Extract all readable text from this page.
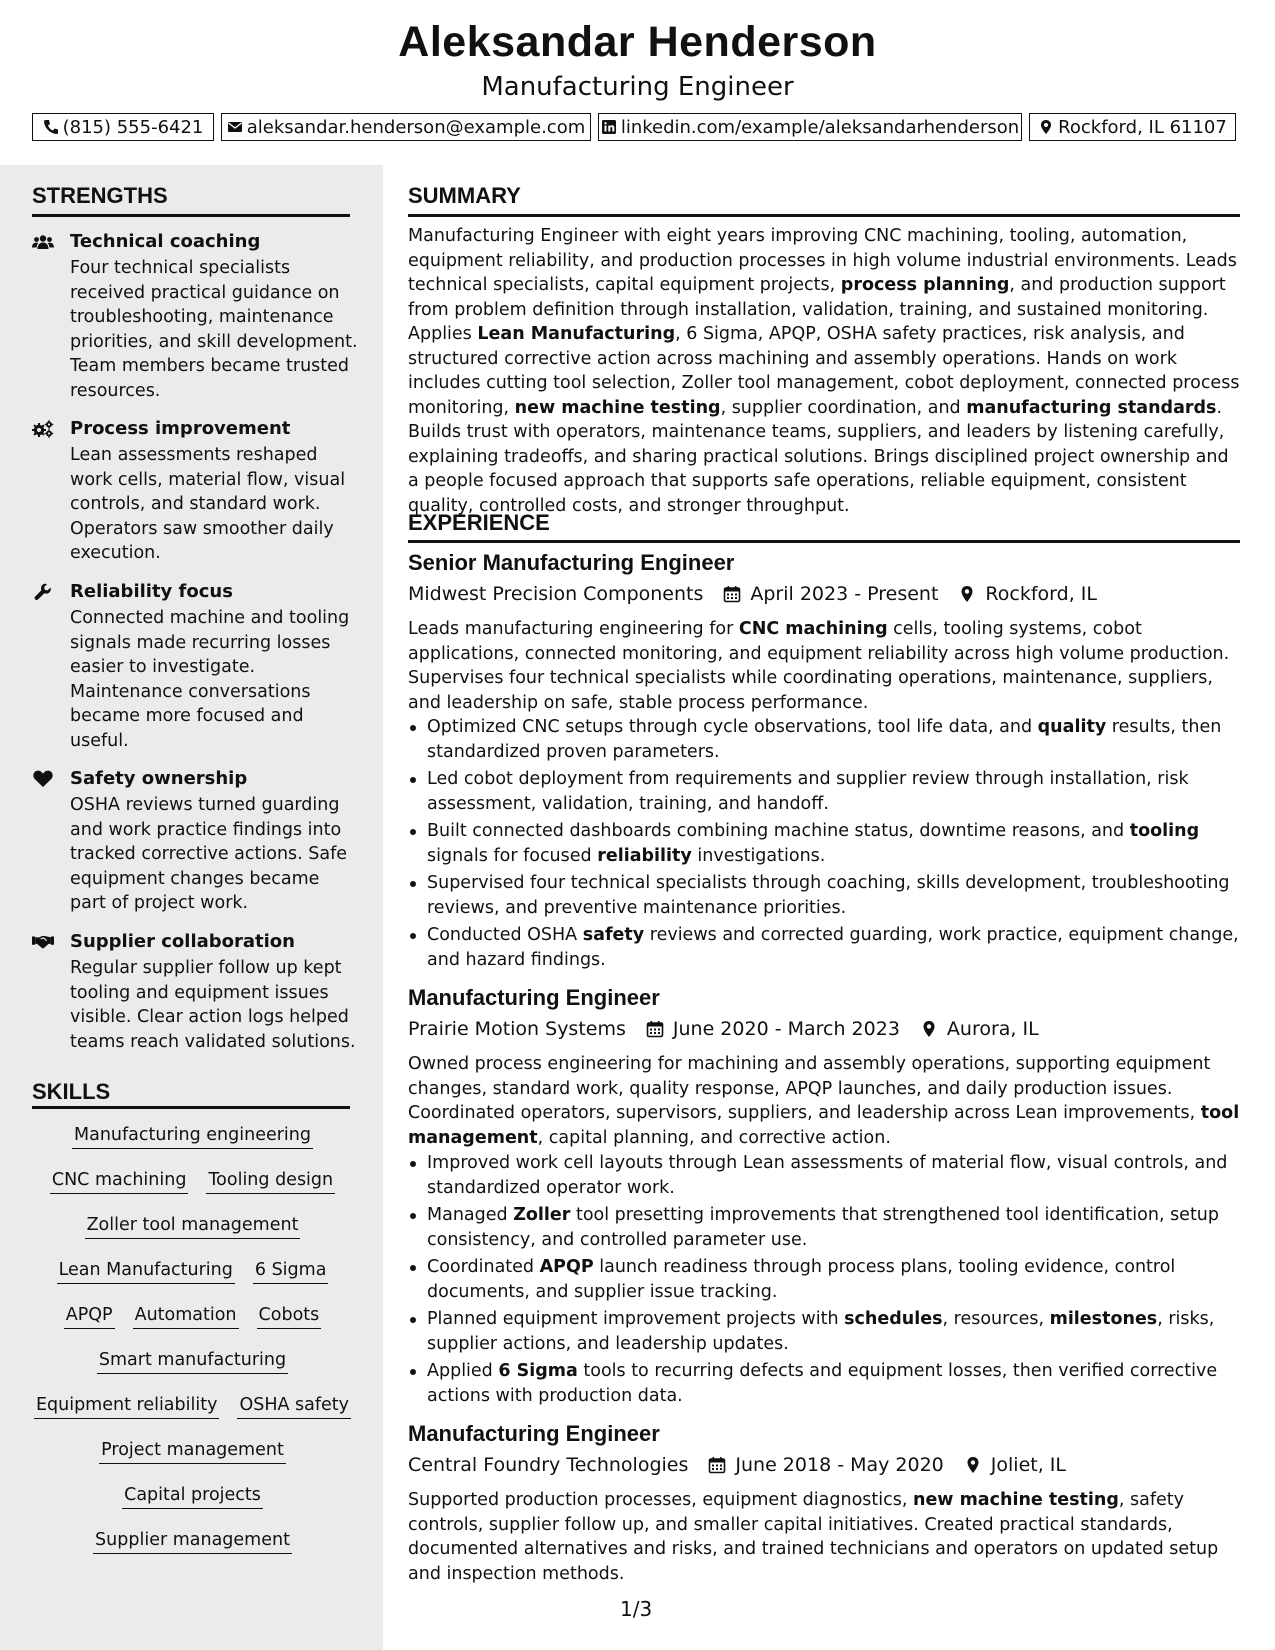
Aleksandar Henderson
Manufacturing Engineer
(815) 555-6421 aleksandar.henderson@example.com linkedin.com/example/aleksandarhenderson Rockford, IL 61107
STRENGTHS
Technical coaching
Four technical specialists received practical guidance on troubleshooting, maintenance priorities, and skill development. Team members became trusted resources.
Process improvement
Lean assessments reshaped work cells, material flow, visual controls, and standard work. Operators saw smoother daily execution.
Reliability focus
Connected machine and tooling signals made recurring losses easier to investigate. Maintenance conversations became more focused and useful.
Safety ownership
OSHA reviews turned guarding and work practice findings into tracked corrective actions. Safe equipment changes became part of project work.
Supplier collaboration
Regular supplier follow up kept tooling and equipment issues visible. Clear action logs helped teams reach validated solutions.
SKILLS
Manufacturing engineering
CNC machining Tooling design
Zoller tool management
Lean Manufacturing 6 Sigma
APQP Automation Cobots
Smart manufacturing
Equipment reliability OSHA safety
Project management
Capital projects
Supplier management
SUMMARY
Manufacturing Engineer with eight years improving CNC machining, tooling, automation, equipment reliability, and production processes in high volume industrial environments. Leads technical specialists, capital equipment projects, process planning, and production support from problem definition through installation, validation, training, and sustained monitoring. Applies Lean Manufacturing, 6 Sigma, APQP, OSHA safety practices, risk analysis, and structured corrective action across machining and assembly operations. Hands on work includes cutting tool selection, Zoller tool management, cobot deployment, connected process monitoring, new machine testing, supplier coordination, and manufacturing standards. Builds trust with operators, maintenance teams, suppliers, and leaders by listening carefully, explaining tradeoffs, and sharing practical solutions. Brings disciplined project ownership and a people focused approach that supports safe operations, reliable equipment, consistent quality, controlled costs, and stronger throughput.
EXPERIENCE
Senior Manufacturing Engineer
Midwest Precision Components April 2023 - Present Rockford, IL
Leads manufacturing engineering for CNC machining cells, tooling systems, cobot applications, connected monitoring, and equipment reliability across high volume production. Supervises four technical specialists while coordinating operations, maintenance, suppliers, and leadership on safe, stable process performance.
Optimized CNC setups through cycle observations, tool life data, and quality results, then standardized proven parameters.
Led cobot deployment from requirements and supplier review through installation, risk assessment, validation, training, and handoff.
Built connected dashboards combining machine status, downtime reasons, and tooling signals for focused reliability investigations.
Supervised four technical specialists through coaching, skills development, troubleshooting reviews, and preventive maintenance priorities.
Conducted OSHA safety reviews and corrected guarding, work practice, equipment change, and hazard findings.
Manufacturing Engineer
Prairie Motion Systems June 2020 - March 2023 Aurora, IL
Owned process engineering for machining and assembly operations, supporting equipment changes, standard work, quality response, APQP launches, and daily production issues. Coordinated operators, supervisors, suppliers, and leadership across Lean improvements, tool management, capital planning, and corrective action.
Improved work cell layouts through Lean assessments of material flow, visual controls, and standardized operator work.
Managed Zoller tool presetting improvements that strengthened tool identification, setup consistency, and controlled parameter use.
Coordinated APQP launch readiness through process plans, tooling evidence, control documents, and supplier issue tracking.
Planned equipment improvement projects with schedules, resources, milestones, risks, supplier actions, and leadership updates.
Applied 6 Sigma tools to recurring defects and equipment losses, then verified corrective actions with production data.
Manufacturing Engineer
Central Foundry Technologies June 2018 - May 2020 Joliet, IL
Supported production processes, equipment diagnostics, new machine testing, safety controls, supplier follow up, and smaller capital initiatives. Created practical standards, documented alternatives and risks, and trained technicians and operators on updated setup and inspection methods.
1/3
